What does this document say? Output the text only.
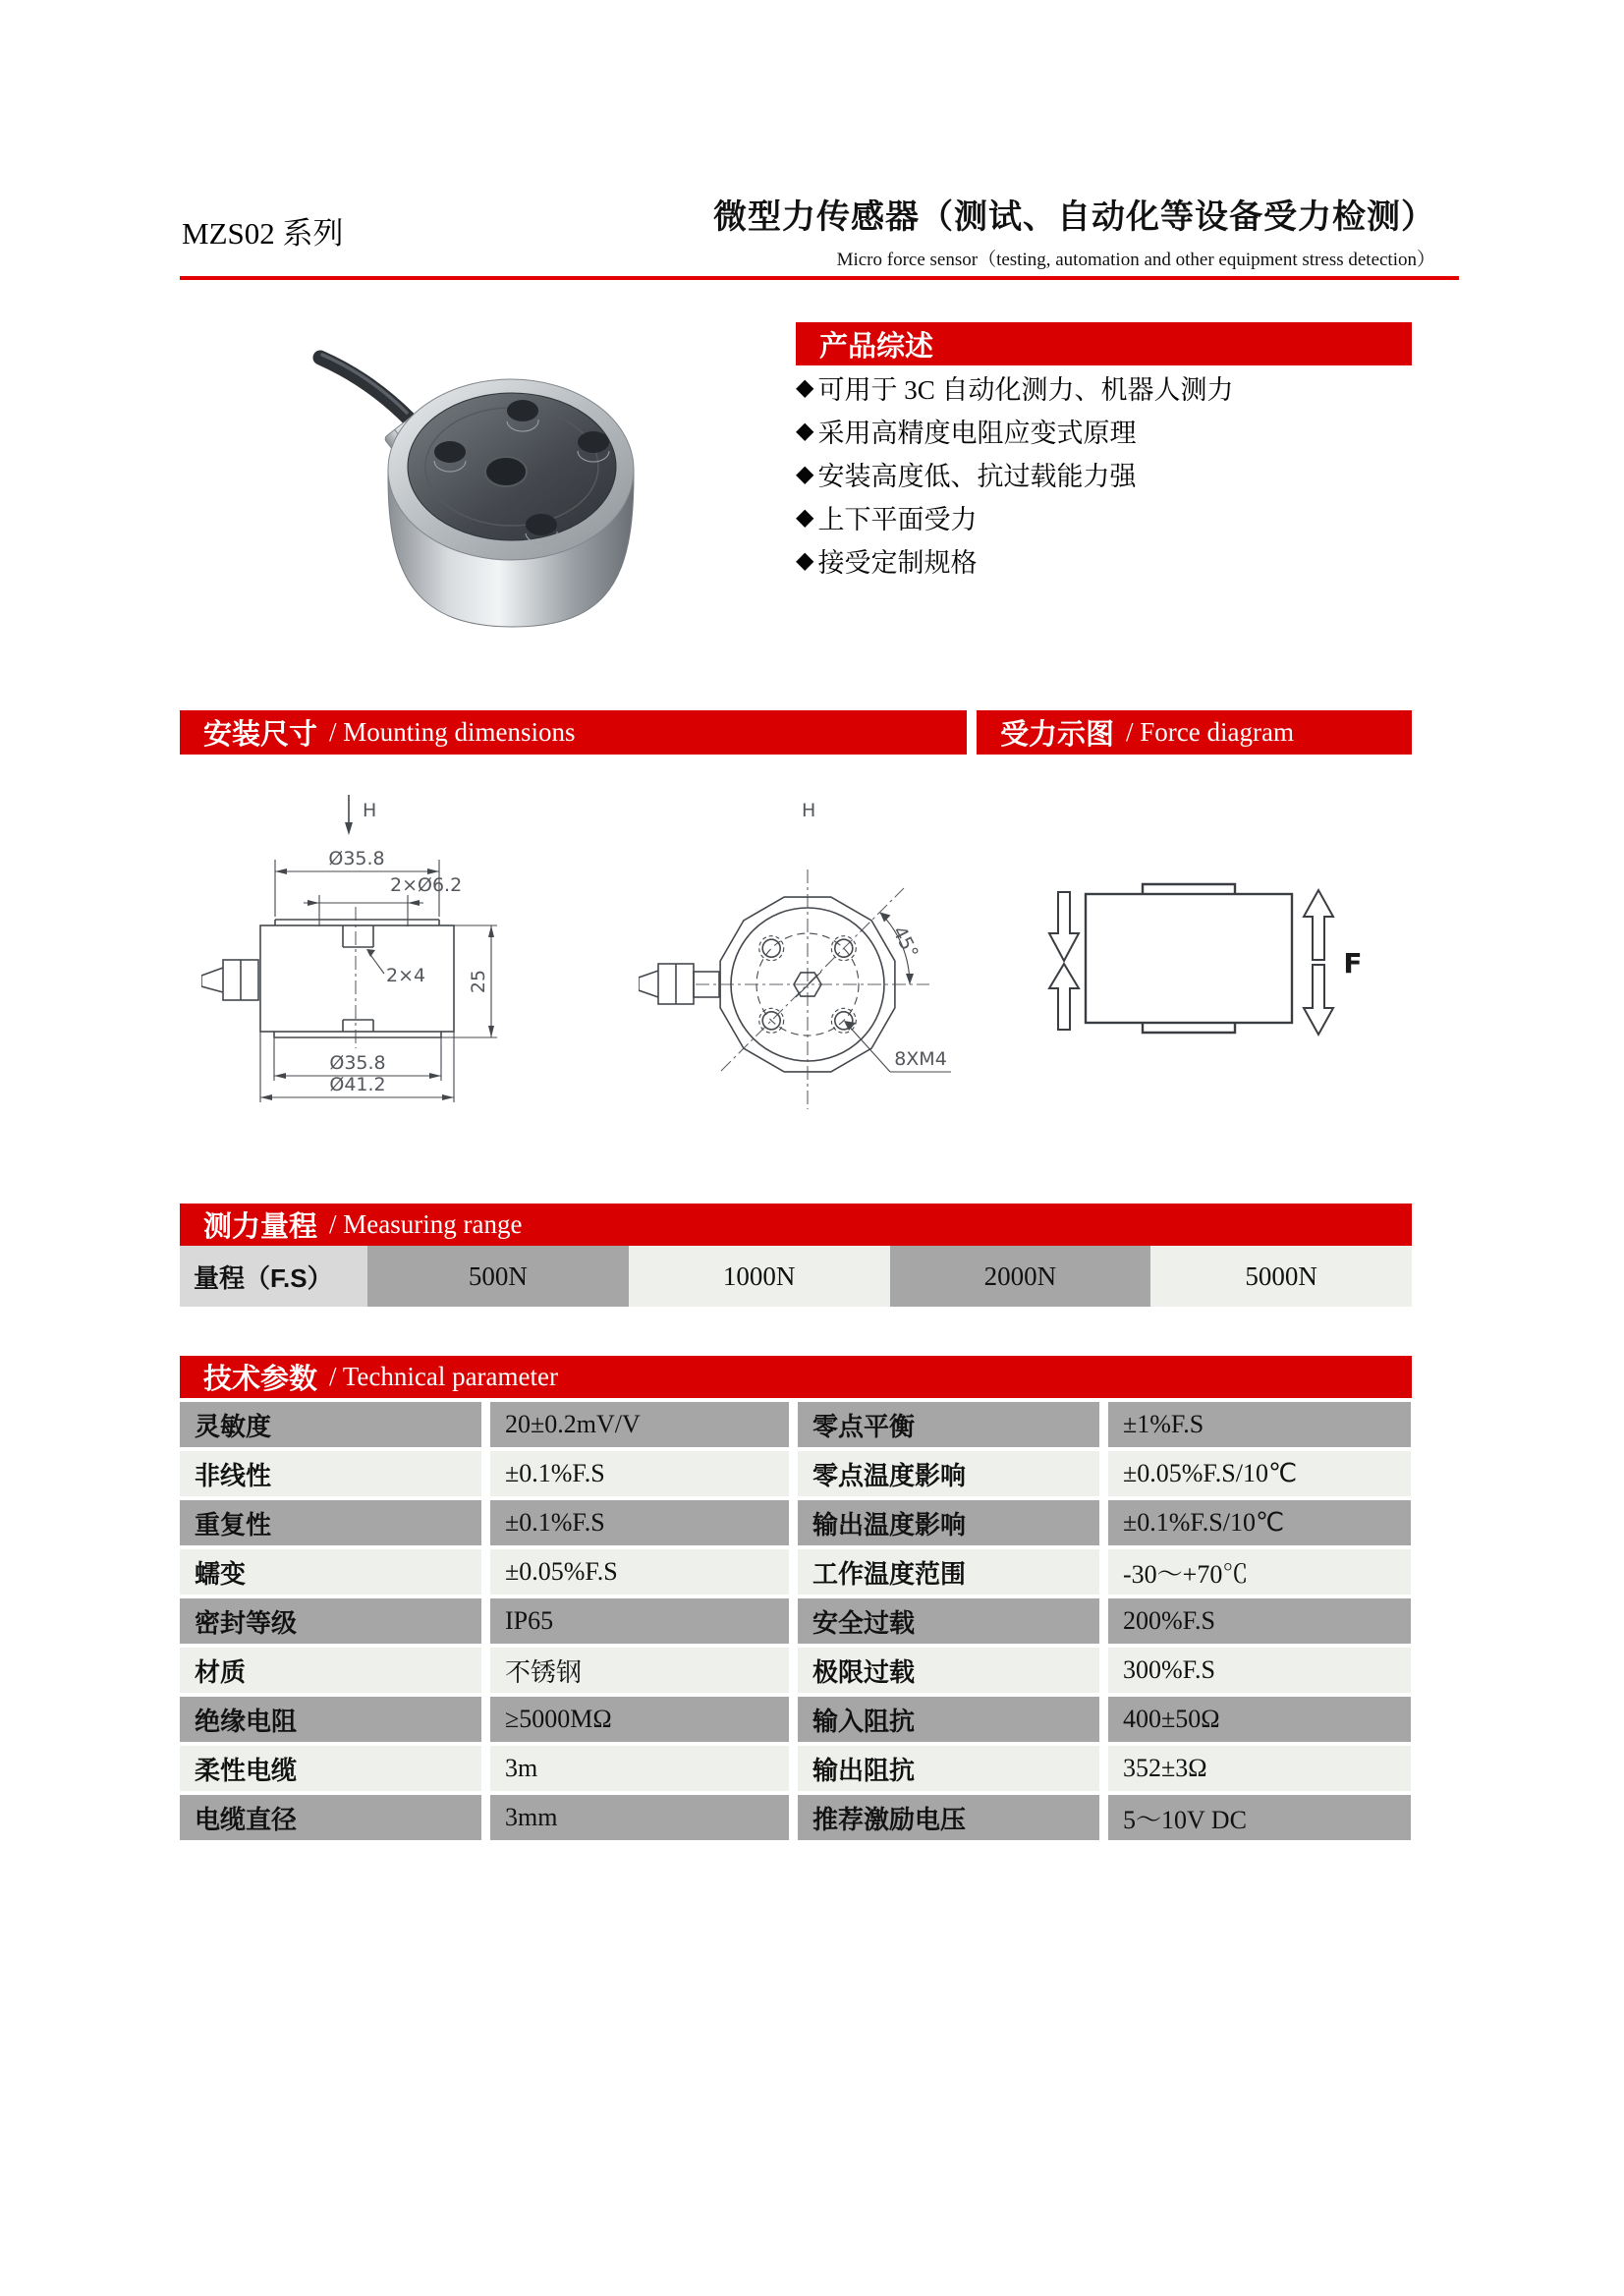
MZS02 系列	微型力传感器（测试、自动化等设备受力检测）
Micro force sensor（testing, automation and other equipment stress detection）
产品综述
◆ 可用于 3C 自动化测力、机器人测力
◆ 采用高精度电阻应变式原理
◆ 安装高度低、抗过载能力强
◆ 上下平面受力
◆ 接受定制规格
安装尺寸 / Mounting dimensions	受力示图 / Force diagram
H
Ø35.8
2×Ø6.2
2×4 25
Ø35.8
Ø41.2
H
45°
8XM4
F
测力量程 / Measuring range
量程（F.S）	500N	1000N	2000N	5000N
技术参数 / Technical parameter
灵敏度	20±0.2mV/V	零点平衡	±1%F.S
非线性	±0.1%F.S	零点温度影响	±0.05%F.S/10℃
重复性	±0.1%F.S	输出温度影响	±0.1%F.S/10℃
蠕变	±0.05%F.S	工作温度范围	-30～+70℃
密封等级	IP65	安全过载	200%F.S
材质	不锈钢	极限过载	300%F.S
绝缘电阻	≥5000MΩ	输入阻抗	400±50Ω
柔性电缆	3m	输出阻抗	352±3Ω
电缆直径	3mm	推荐激励电压	5～10V DC
